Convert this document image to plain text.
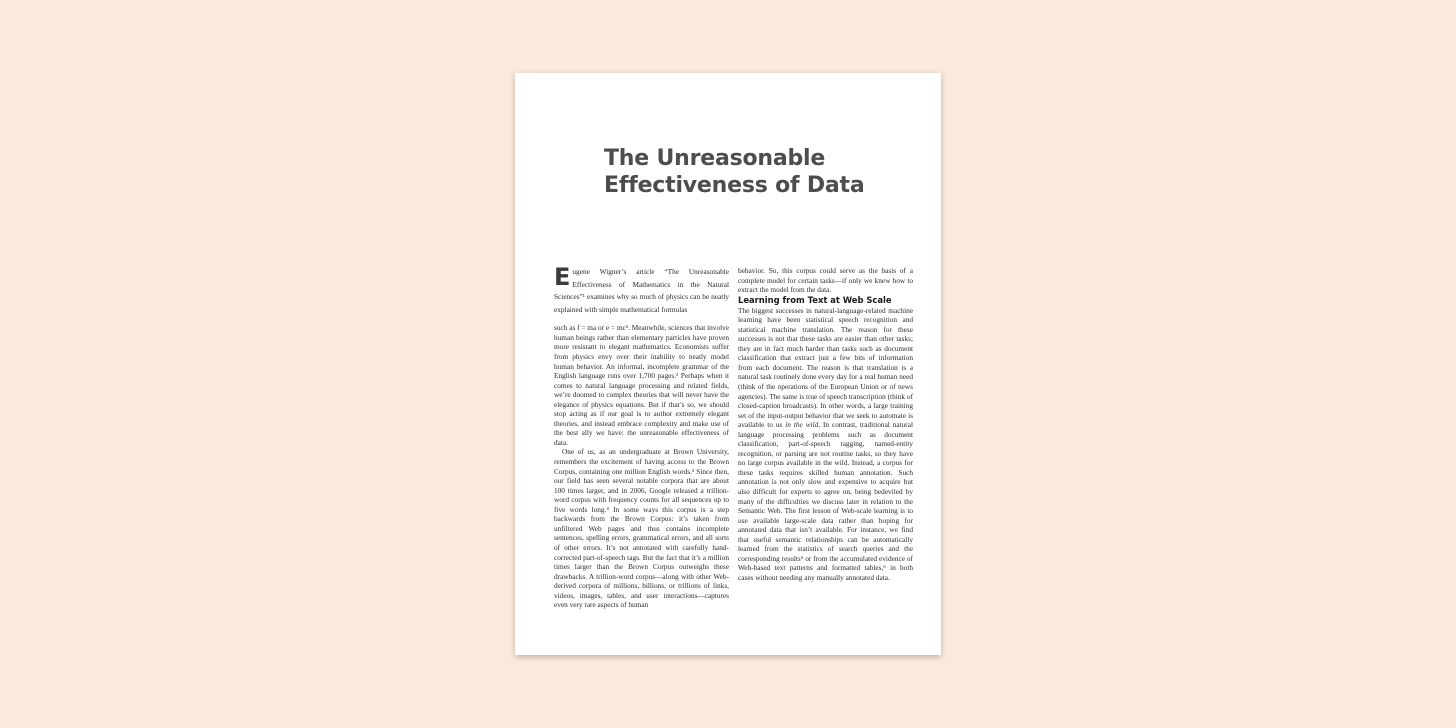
The Unreasonable
Effectiveness of Data

Eugene Wigner’s article “The Unreasonable Effectiveness of Mathematics in the Natural Sciences”¹ examines why so much of physics can be neatly explained with simple mathematical formulas

such as f = ma or e = mc². Meanwhile, sciences that involve human beings rather than elementary particles have proven more resistant to elegant mathematics. Economists suffer from physics envy over their inability to neatly model human behavior. An informal, incomplete grammar of the English language runs over 1,700 pages.² Perhaps when it comes to natural language processing and related fields, we’re doomed to complex theories that will never have the elegance of physics equations. But if that’s so, we should stop acting as if our goal is to author extremely elegant theories, and instead embrace complexity and make use of the best ally we have: the unreasonable effectiveness of data.

One of us, as an undergraduate at Brown University, remembers the excitement of having access to the Brown Corpus, containing one million English words.³ Since then, our field has seen several notable corpora that are about 100 times larger, and in 2006, Google released a trillion-word corpus with frequency counts for all sequences up to five words long.⁴ In some ways this corpus is a step backwards from the Brown Corpus: it’s taken from unfiltered Web pages and thus contains incomplete sentences, spelling errors, grammatical errors, and all sorts of other errors. It’s not annotated with carefully hand-corrected part-of-speech tags. But the fact that it’s a million times larger than the Brown Corpus outweighs these drawbacks. A trillion-word corpus—along with other Web-derived corpora of millions, billions, or trillions of links, videos, images, tables, and user interactions—captures even very rare aspects of human

behavior. So, this corpus could serve as the basis of a complete model for certain tasks—if only we knew how to extract the model from the data.

Learning from Text at Web Scale

The biggest successes in natural-language-related machine learning have been statistical speech recognition and statistical machine translation. The reason for these successes is not that these tasks are easier than other tasks; they are in fact much harder than tasks such as document classification that extract just a few bits of information from each document. The reason is that translation is a natural task routinely done every day for a real human need (think of the operations of the European Union or of news agencies). The same is true of speech transcription (think of closed-caption broadcasts). In other words, a large training set of the input-output behavior that we seek to automate is available to us in the wild. In contrast, traditional natural language processing problems such as document classification, part-of-speech tagging, named-entity recognition, or parsing are not routine tasks, so they have no large corpus available in the wild. Instead, a corpus for these tasks requires skilled human annotation. Such annotation is not only slow and expensive to acquire but also difficult for experts to agree on, being bedeviled by many of the difficulties we discuss later in relation to the Semantic Web. The first lesson of Web-scale learning is to use available large-scale data rather than hoping for annotated data that isn’t available. For instance, we find that useful semantic relationships can be automatically learned from the statistics of search queries and the corresponding results⁵ or from the accumulated evidence of Web-based text patterns and formatted tables,⁶ in both cases without needing any manually annotated data.
